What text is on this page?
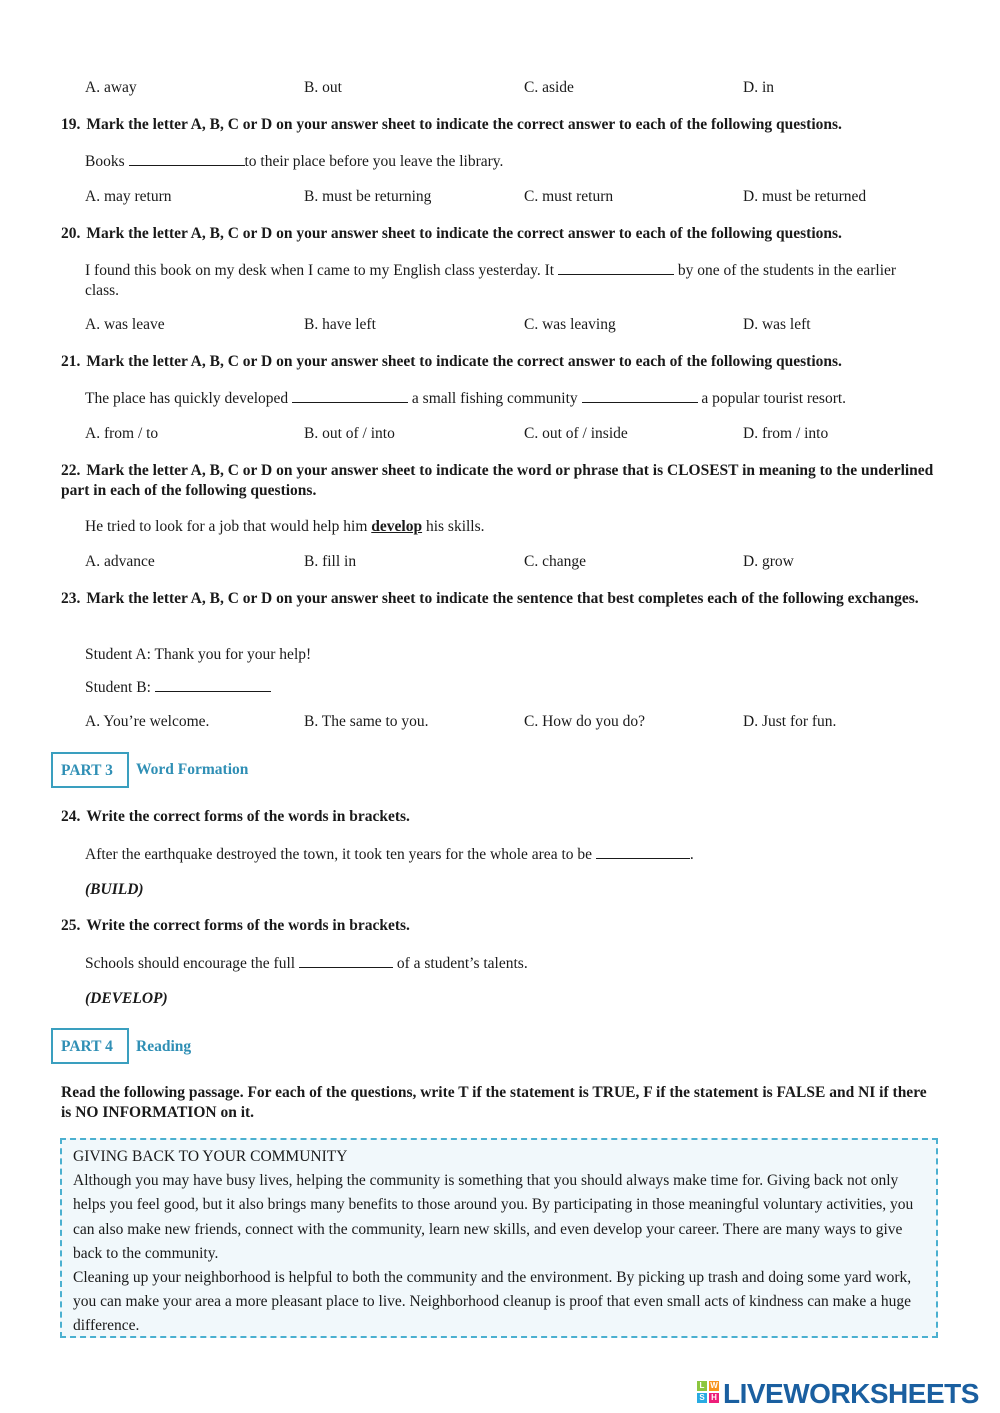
A. away	B. out	C. aside	D. in
19. Mark the letter A, B, C or D on your answer sheet to indicate the correct answer to each of the following questions.
Books	to their place before you leave the library.
A. may return	B. must be returning	C. must return	D. must be returned
20. Mark the letter A, B, C or D on your answer sheet to indicate the correct answer to each of the following questions.
I found this book on my desk when I came to my English class yesterday. It	by one of the students in the earlier class.
A. was leave	B. have left	C. was leaving	D. was left
21. Mark the letter A, B, C or D on your answer sheet to indicate the correct answer to each of the following questions.
The place has quickly developed	a small fishing community	a popular tourist resort.
A. from / to	B. out of / into	C. out of / inside	D. from / into
22. Mark the letter A, B, C or D on your answer sheet to indicate the word or phrase that is CLOSEST in meaning to the underlined part in each of the following questions.
He tried to look for a job that would help him develop his skills.
A. advance	B. fill in	C. change	D. grow
23. Mark the letter A, B, C or D on your answer sheet to indicate the sentence that best completes each of the following exchanges.
Student A: Thank you for your help!
Student B:
A. You’re welcome.	B. The same to you.	C. How do you do?	D. Just for fun.
PART 3 Word Formation
24. Write the correct forms of the words in brackets.
After the earthquake destroyed the town, it took ten years for the whole area to be	.
(BUILD)
25. Write the correct forms of the words in brackets.
Schools should encourage the full	of a student’s talents.
(DEVELOP)
PART 4 Reading
Read the following passage. For each of the questions, write T if the statement is TRUE, F if the statement is FALSE and NI if there is NO INFORMATION on it.

GIVING BACK TO YOUR COMMUNITY

Although you may have busy lives, helping the community is something that you should always make time for. Giving back not only helps you feel good, but it also brings many benefits to those around you. By participating in those meaningful voluntary activities, you can also make new friends, connect with the community, learn new skills, and even develop your career. There are many ways to give back to the community.

Cleaning up your neighborhood is helpful to both the community and the environment. By picking up trash and doing some yard work, you can make your area a more pleasant place to live. Neighborhood cleanup is proof that even small acts of kindness can make a huge difference.

L W
S H LIVEWORKSHEETS
